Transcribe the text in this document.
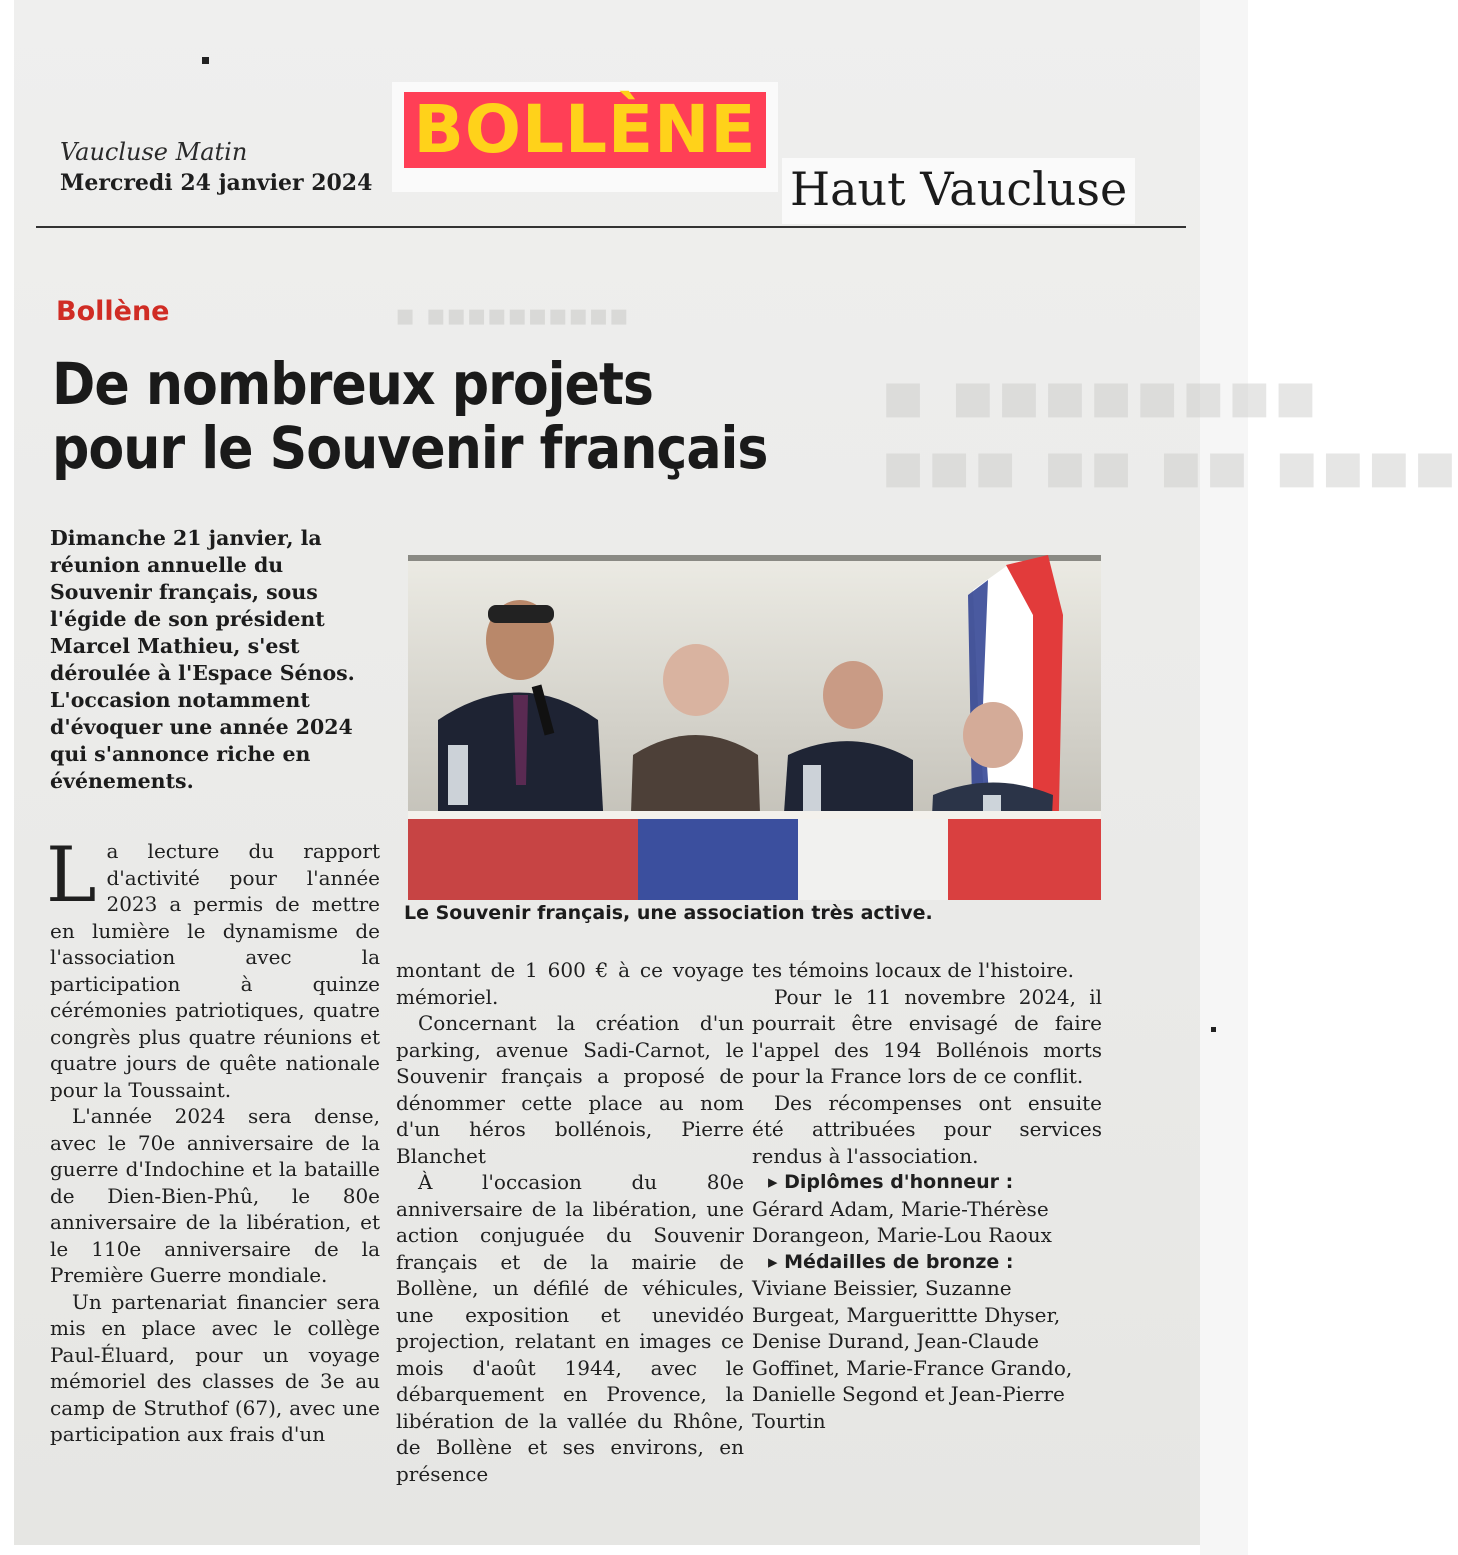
▪ ▪▪▪▪▪▪▪▪▪▪
▪ ▪▪▪▪▪▪▪▪
▪▪▪ ▪▪ ▪▪ ▪▪▪▪
Vaucluse Matin
Mercredi 24 janvier 2024
BOLLÈNE
Haut Vaucluse
Bollène
De nombreux projets
pour le Souvenir français
Dimanche 21 janvier, la réunion annuelle du Souvenir français, sous l'égide de son président Marcel Mathieu, s'est déroulée à l'Espace Sénos. L'occasion notamment d'évoquer une année 2024 qui s'annonce riche en événements.
Le Souvenir français, une association très active.

La lecture du rapport d'activité pour l'année 2023 a permis de mettre en lumière le dynamisme de l'association avec la participation à quinze cérémonies patriotiques, quatre congrès plus quatre réunions et quatre jours de quête nationale pour la Toussaint.

L'année 2024 sera dense, avec le 70e anniversaire de la guerre d'Indochine et la bataille de Dien-Bien-Phû, le 80e anniversaire de la libération, et le 110e anniversaire de la Première Guerre mondiale.

Un partenariat financier sera mis en place avec le collège Paul-Éluard, pour un voyage mémoriel des classes de 3e au camp de Struthof (67), avec une participation aux frais d'un

montant de 1 600 € à ce voyage mémoriel.

Concernant la création d'un parking, avenue Sadi-Carnot, le Souvenir français a proposé de dénommer cette place au nom d'un héros bollénois, Pierre Blanchet

À l'occasion du 80e anniversaire de la libération, une action conjuguée du Souvenir français et de la mairie de Bollène, un défilé de véhicules, une exposition et unevidéo projection, relatant en images ce mois d'août 1944, avec le débarquement en Provence, la libération de la vallée du Rhône, de Bollène et ses environs, en présence

tes témoins locaux de l'histoire.

Pour le 11 novembre 2024, il pourrait être envisagé de faire l'appel des 194 Bollénois morts pour la France lors de ce conflit.

Des récompenses ont ensuite été attribuées pour services rendus à l'association.

▸ Diplômes d'honneur :

Gérard Adam, Marie-Thérèse Dorangeon, Marie-Lou Raoux

▸ Médailles de bronze :

Viviane Beissier, Suzanne Burgeat, Marguerittte Dhyser, Denise Durand, Jean-Claude Goffinet, Marie-France Grando, Danielle Segond et Jean-Pierre Tourtin
